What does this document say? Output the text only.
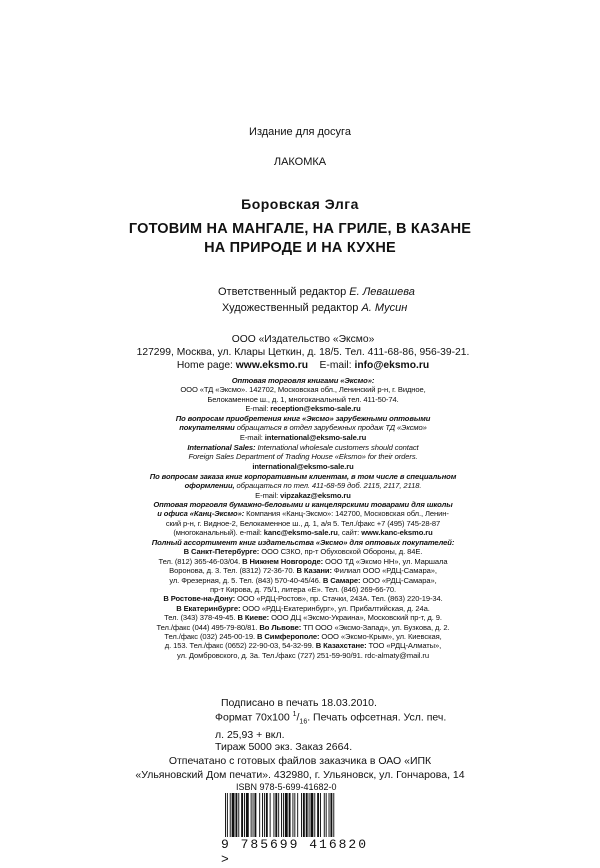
Издание для досуга
ЛАКОМКА
Боровская Элга
ГОТОВИМ НА МАНГАЛЕ, НА ГРИЛЕ, В КАЗАНЕ
НА ПРИРОДЕ И НА КУХНЕ
Ответственный редактор Е. Левашева
Художественный редактор А. Мусин
ООО «Издательство «Эксмо»
127299, Москва, ул. Клары Цеткин, д. 18/5. Тел. 411-68-86, 956-39-21.
Home page: www.eksmo.ru E-mail: info@eksmo.ru
Оптовая торговля книгами «Эксмо»:
ООО «ТД «Эксмо». 142702, Московская обл., Ленинский р-н, г. Видное,
Белокаменное ш., д. 1, многоканальный тел. 411-50-74.
E-mail: reception@eksmo-sale.ru
По вопросам приобретения книг «Эксмо» зарубежными оптовыми
покупателями обращаться в отдел зарубежных продаж ТД «Эксмо»
E-mail: international@eksmo-sale.ru
International Sales: International wholesale customers should contact
Foreign Sales Department of Trading House «Eksmo» for their orders.
international@eksmo-sale.ru
По вопросам заказа книг корпоративным клиентам, в том числе в специальном
оформлении, обращаться по тел. 411-68-59 доб. 2115, 2117, 2118.
E-mail: vipzakaz@eksmo.ru
Оптовая торговля бумажно-беловыми и канцелярскими товарами для школы
и офиса «Канц-Эксмо»: Компания «Канц-Эксмо»: 142700, Московская обл., Ленин-
ский р-н, г. Видное-2, Белокаменное ш., д. 1, а/я 5. Тел./факс +7 (495) 745-28-87
(многоканальный). e-mail: kanc@eksmo-sale.ru, сайт: www.kanc-eksmo.ru
Полный ассортимент книг издательства «Эксмо» для оптовых покупателей:
В Санкт-Петербурге: ООО СЗКО, пр-т Обуховской Обороны, д. 84Е.
Тел. (812) 365-46-03/04. В Нижнем Новгороде: ООО ТД «Эксмо НН», ул. Маршала
Воронова, д. 3. Тел. (8312) 72-36-70. В Казани: Филиал ООО «РДЦ-Самара»,
ул. Фрезерная, д. 5. Тел. (843) 570-40-45/46. В Самаре: ООО «РДЦ-Самара»,
пр-т Кирова, д. 75/1, литера «Е». Тел. (846) 269-66-70.
В Ростове-на-Дону: ООО «РДЦ-Ростов», пр. Стачки, 243А. Тел. (863) 220-19-34.
В Екатеринбурге: ООО «РДЦ-Екатеринбург», ул. Прибалтийская, д. 24а.
Тел. (343) 378-49-45. В Киеве: ООО ДЦ «Эксмо-Украина», Московский пр-т, д. 9.
Тел./факс (044) 495-79-80/81. Во Львове: ТП ООО «Эксмо-Запад», ул. Бузкова, д. 2.
Тел./факс (032) 245-00-19. В Симферополе: ООО «Эксмо-Крым», ул. Киевская,
д. 153. Тел./факс (0652) 22-90-03, 54-32-99. В Казахстане: ТОО «РДЦ-Алматы»,
ул. Домбровского, д. 3а. Тел./факс (727) 251-59-90/91. rdc-almaty@mail.ru
Подписано в печать 18.03.2010.
Формат 70х100 $^1/_{16}$. Печать офсетная. Усл. печ. л. 25,93 + вкл.
Тираж 5000 экз. Заказ 2664.
Отпечатано с готовых файлов заказчика в ОАО «ИПК
«Ульяновский Дом печати». 432980, г. Ульяновск, ул. Гончарова, 14
ISBN 978-5-699-41682-0
9 785699 416820 >
